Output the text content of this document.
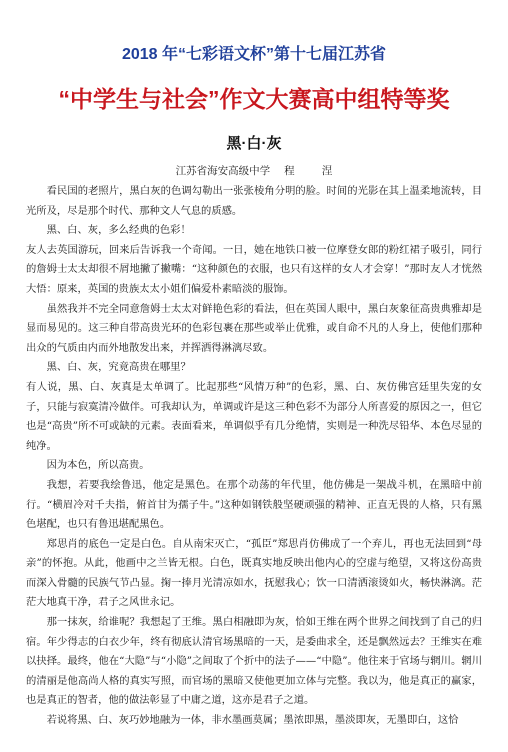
2018 年“七彩语文杯”第十七届江苏省
“中学生与社会”作文大赛高中组特等奖
黑·白·灰
江苏省海安高级中学 程 涅

看民国的老照片，黑白灰的色调勾勒出一张张棱角分明的脸。时间的光影在其上温柔地流转，目光所及，尽是那个时代、那种文人气息的质感。

黑、白、灰，多么经典的色彩！

友人去英国游玩，回来后告诉我一个奇闻。一日，她在地铁口被一位摩登女郎的粉红裙子吸引，同行的詹姆士太太却很不屑地撇了撇嘴：“这种颜色的衣服，也只有这样的女人才会穿！”那时友人才恍然大悟：原来，英国的贵族太太小姐们偏爱朴素暗淡的服饰。

虽然我并不完全同意詹姆士太太对鲜艳色彩的看法，但在英国人眼中，黑白灰象征高贵典雅却是显而易见的。这三种自带高贵光环的色彩包裹在那些或举止优雅，或自命不凡的人身上，使他们那种出众的气质由内而外地散发出来，并挥洒得淋漓尽致。

黑、白、灰，究竟高贵在哪里？

有人说，黑、白、灰真是太单调了。比起那些“风情万种”的色彩，黑、白、灰仿佛宫廷里失宠的女子，只能与寂寞清冷做伴。可我却认为，单调或许是这三种色彩不为部分人所喜爱的原因之一，但它也是“高贵”所不可或缺的元素。表面看来，单调似乎有几分绝情，实则是一种洗尽铅华、本色尽显的纯净。

因为本色，所以高贵。

我想，若要我绘鲁迅，他定是黑色。在那个动荡的年代里，他仿佛是一架战斗机，在黑暗中前行。“横眉冷对千夫指，俯首甘为孺子牛。”这种如钢铁般坚硬顽强的精神、正直无畏的人格，只有黑色堪配，也只有鲁迅堪配黑色。

郑思肖的底色一定是白色。自从南宋灭亡，“孤臣”郑思肖仿佛成了一个弃儿，再也无法回到“母亲”的怀抱。从此，他画中之兰皆无根。白色，既真实地反映出他内心的空虚与绝望，又将这份高贵而深入骨髓的民族气节凸显。掬一捧月光清凉如水，抚慰我心；饮一口清洒滚烫如火，畅快淋漓。茫茫大地真干净，君子之风世永记。

那一抹灰，给谁呢？我想起了王维。黑白相融即为灰，恰如王维在两个世界之间找到了自己的归宿。年少得志的白衣少年，终有彻底认清官场黑暗的一天，是委曲求全，还是飘然远去？王维实在难以抉择。最终，他在“大隐”与“小隐”之间取了个折中的法子——“中隐”。他往来于官场与辋川。辋川的清丽是他高尚人格的真实写照，而官场的黑暗又使他更加立体与完整。我以为，他是真正的赢家，也是真正的智者，他的做法彰显了中庸之道，这亦是君子之道。

若说将黑、白、灰巧妙地融为一体，非水墨画莫属；墨浓即黑，墨淡即灰，无墨即白，这恰
